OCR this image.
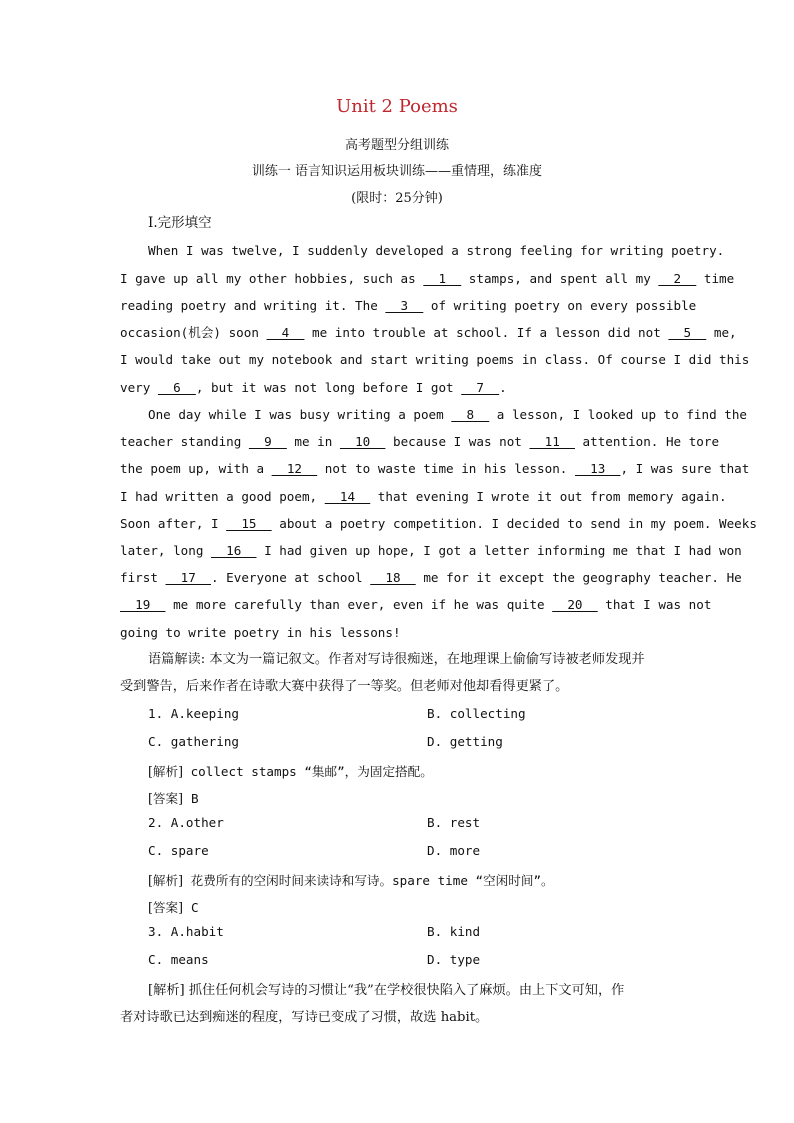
Unit 2 Poems
高考题型分组训练
训练一 语言知识运用板块训练——重情理，练准度
(限时：25分钟)
Ⅰ.完形填空
When I was twelve, I suddenly developed a strong feeling for writing poetry.
I gave up all my other hobbies, such as   1   stamps, and spent all my   2   time
reading poetry and writing it. The   3   of writing poetry on every possible
occasion(机会) soon   4   me into trouble at school. If a lesson did not   5   me,
I would take out my notebook and start writing poems in class. Of course I did this
very   6  , but it was not long before I got   7  .
One day while I was busy writing a poem   8   a lesson, I looked up to find the
teacher standing   9   me in   10   because I was not   11   attention. He tore
the poem up, with a   12   not to waste time in his lesson.   13  , I was sure that
I had written a good poem,   14   that evening I wrote it out from memory again.
Soon after, I   15   about a poetry competition. I decided to send in my poem. Weeks
later, long   16   I had given up hope, I got a letter informing me that I had won
first   17  . Everyone at school   18   me for it except the geography teacher. He
19   me more carefully than ever, even if he was quite   20   that I was not
going to write poetry in his lessons!
语篇解读: 本文为一篇记叙文。作者对写诗很痴迷，在地理课上偷偷写诗被老师发现并
受到警告，后来作者在诗歌大赛中获得了一等奖。但老师对他却看得更紧了。
1. A.keeping	B. collecting
C. gathering	D. getting
[解析] collect stamps “集邮”，为固定搭配。
[答案] B
2. A.other	B. rest
C. spare	D. more
[解析] 花费所有的空闲时间来读诗和写诗。spare time “空闲时间”。
[答案] C
3. A.habit	B. kind
C. means	D. type
[解析] 抓住任何机会写诗的习惯让“我”在学校很快陷入了麻烦。由上下文可知，作
者对诗歌已达到痴迷的程度，写诗已变成了习惯，故选 habit。
